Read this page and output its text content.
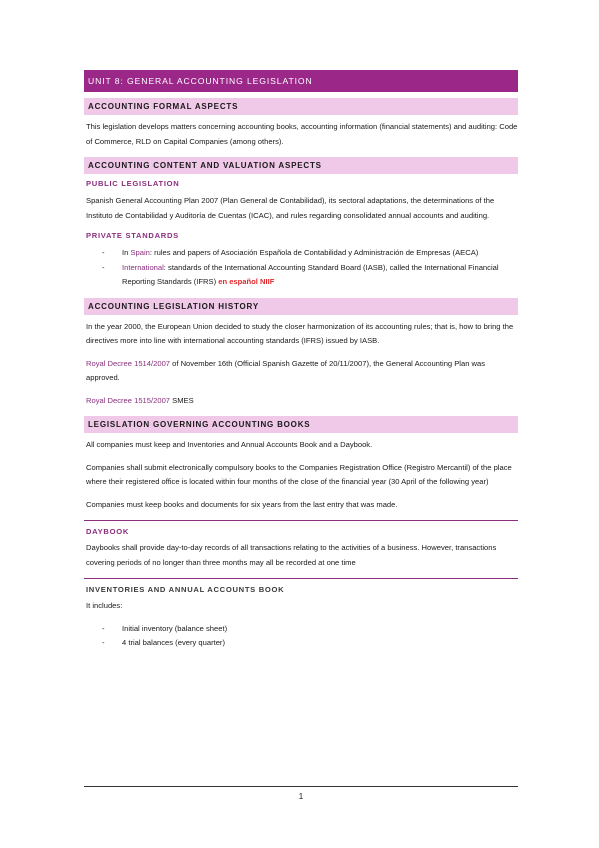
UNIT 8: GENERAL ACCOUNTING LEGISLATION
ACCOUNTING FORMAL ASPECTS

This legislation develops matters concerning accounting books, accounting information (financial statements) and auditing: Code of Commerce, RLD on Capital Companies (among others).

ACCOUNTING CONTENT AND VALUATION ASPECTS
PUBLIC LEGISLATION

Spanish General Accounting Plan 2007 (Plan General de Contabilidad), its sectoral adaptations, the determinations of the Instituto de Contabilidad y Auditoría de Cuentas (ICAC), and rules regarding consolidated annual accounts and auditing.

PRIVATE STANDARDS
- In Spain: rules and papers of Asociación Española de Contabilidad y Administración de Empresas (AECA)
- International: standards of the International Accounting Standard Board (IASB), called the International Financial Reporting Standards (IFRS) en español NIIF
ACCOUNTING LEGISLATION HISTORY

In the year 2000, the European Union decided to study the closer harmonization of its accounting rules; that is, how to bring the directives more into line with international accounting standards (IFRS) issued by IASB.

Royal Decree 1514/2007 of November 16th (Official Spanish Gazette of 20/11/2007), the General Accounting Plan was approved.

Royal Decree 1515/2007 SMES

LEGISLATION GOVERNING ACCOUNTING BOOKS

All companies must keep and Inventories and Annual Accounts Book and a Daybook.

Companies shall submit electronically compulsory books to the Companies Registration Office (Registro Mercantil) of the place where their registered office is located within four months of the close of the financial year (30 April of the following year)

Companies must keep books and documents for six years from the last entry that was made.

DAYBOOK

Daybooks shall provide day-to-day records of all transactions relating to the activities of a business. However, transactions covering periods of no longer than three months may all be recorded at one time

INVENTORIES AND ANNUAL ACCOUNTS BOOK

It includes:

- Initial inventory (balance sheet)
- 4 trial balances (every quarter)
1
